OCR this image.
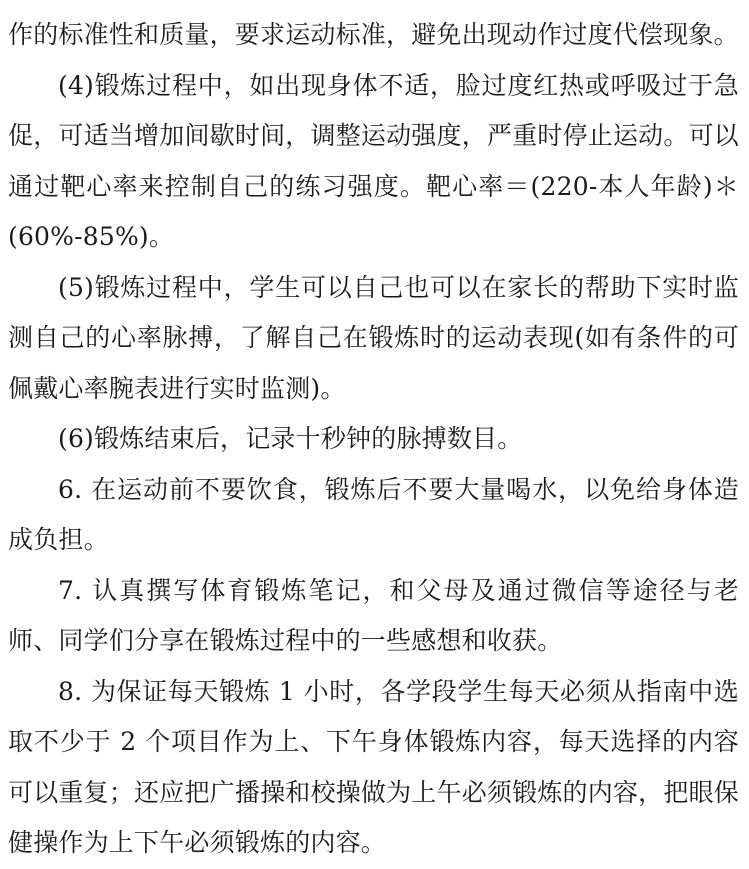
作的标准性和质量，要求运动标准，避免出现动作过度代偿现象。

(4)锻炼过程中，如出现身体不适，脸过度红热或呼吸过于急促，可适当增加间歇时间，调整运动强度，严重时停止运动。可以通过靶心率来控制自己的练习强度。靶心率＝(220-本人年龄)＊(60%-85%)。

(5)锻炼过程中，学生可以自己也可以在家长的帮助下实时监测自己的心率脉搏，了解自己在锻炼时的运动表现(如有条件的可佩戴心率腕表进行实时监测)。

(6)锻炼结束后，记录十秒钟的脉搏数目。

6. 在运动前不要饮食，锻炼后不要大量喝水，以免给身体造成负担。

7. 认真撰写体育锻炼笔记，和父母及通过微信等途径与老师、同学们分享在锻炼过程中的一些感想和收获。

8. 为保证每天锻炼 1 小时，各学段学生每天必须从指南中选取不少于 2 个项目作为上、下午身体锻炼内容，每天选择的内容可以重复；还应把广播操和校操做为上午必须锻炼的内容，把眼保健操作为上下午必须锻炼的内容。
